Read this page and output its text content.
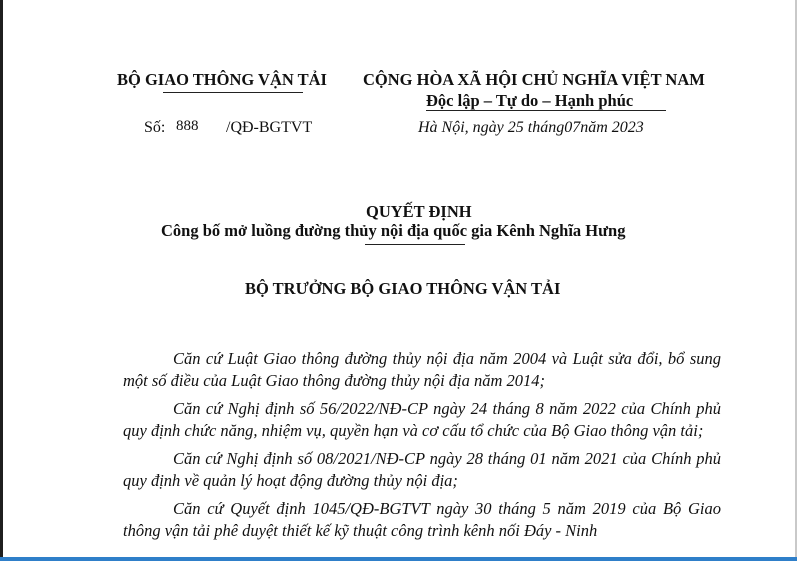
BỘ GIAO THÔNG VẬN TẢI CỘNG HÒA XÃ HỘI CHỦ NGHĨA VIỆT NAM
Độc lập – Tự do – Hạnh phúc
Số: 888 /QĐ-BGTVT	Hà Nội, ngày 25 tháng07năm 2023
QUYẾT ĐỊNH
Công bố mở luồng đường thủy nội địa quốc gia Kênh Nghĩa Hưng
BỘ TRƯỞNG BỘ GIAO THÔNG VẬN TẢI

Căn cứ Luật Giao thông đường thủy nội địa năm 2004 và Luật sửa đổi, bổ sung một số điều của Luật Giao thông đường thủy nội địa năm 2014;

Căn cứ Nghị định số 56/2022/NĐ-CP ngày 24 tháng 8 năm 2022 của Chính phủ quy định chức năng, nhiệm vụ, quyền hạn và cơ cấu tổ chức của Bộ Giao thông vận tải;

Căn cứ Nghị định số 08/2021/NĐ-CP ngày 28 tháng 01 năm 2021 của Chính phủ quy định về quản lý hoạt động đường thủy nội địa;

Căn cứ Quyết định 1045/QĐ-BGTVT ngày 30 tháng 5 năm 2019 của Bộ Giao thông vận tải phê duyệt thiết kế kỹ thuật công trình kênh nối Đáy - Ninh
